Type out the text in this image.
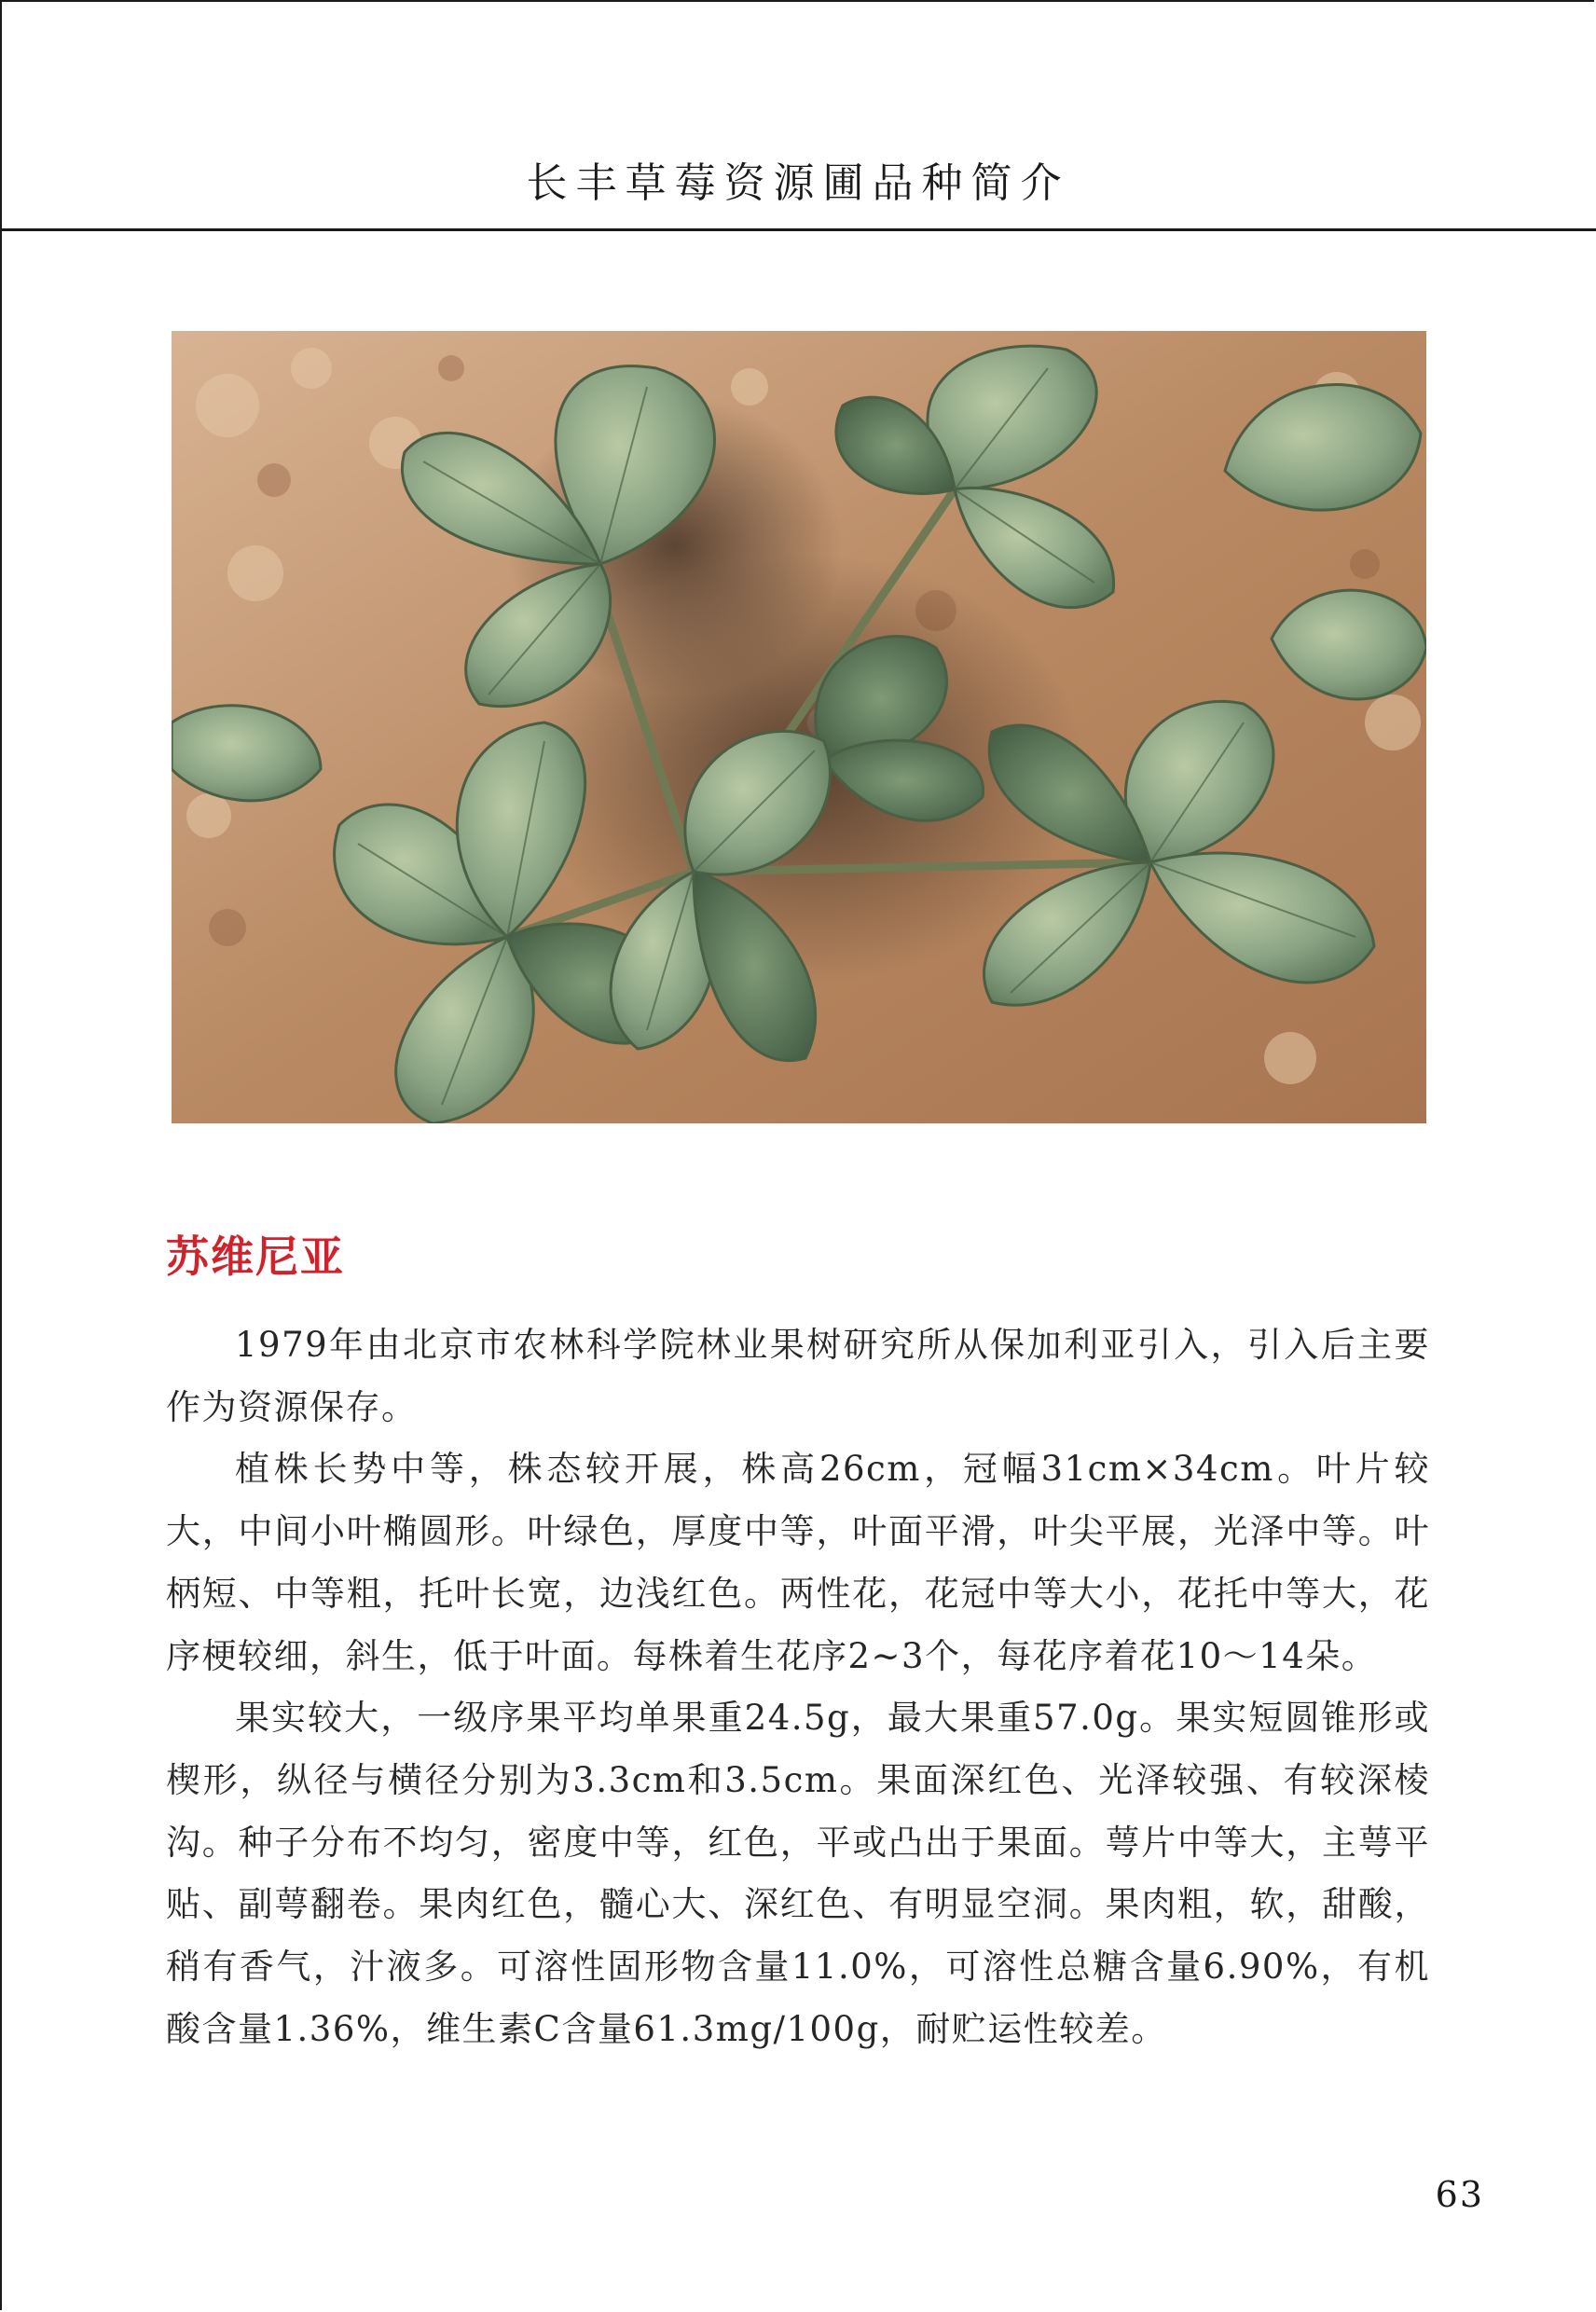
长丰草莓资源圃品种简介
苏维尼亚

1979年由北京市农林科学院林业果树研究所从保加利亚引入，引入后主要作为资源保存。

植株长势中等，株态较开展，株高26cm，冠幅31cm×34cm。叶片较大，中间小叶椭圆形。叶绿色，厚度中等，叶面平滑，叶尖平展，光泽中等。叶柄短、中等粗，托叶长宽，边浅红色。两性花，花冠中等大小，花托中等大，花序梗较细，斜生，低于叶面。每株着生花序2~3个，每花序着花10～14朵。

果实较大，一级序果平均单果重24.5g，最大果重57.0g。果实短圆锥形或楔形，纵径与横径分别为3.3cm和3.5cm。果面深红色、光泽较强、有较深棱沟。种子分布不均匀，密度中等，红色，平或凸出于果面。萼片中等大，主萼平贴、副萼翻卷。果肉红色，髓心大、深红色、有明显空洞。果肉粗，软，甜酸，稍有香气，汁液多。可溶性固形物含量11.0%，可溶性总糖含量6.90%，有机酸含量1.36%，维生素C含量61.3mg/100g，耐贮运性较差。

63
